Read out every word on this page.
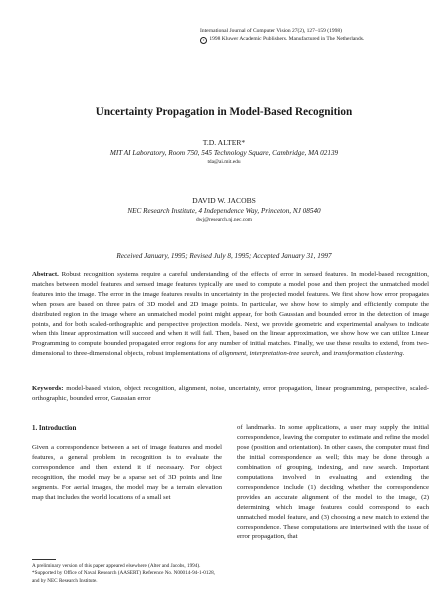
International Journal of Computer Vision 27(2), 127–159 (1998)
c 1998 Kluwer Academic Publishers. Manufactured in The Netherlands.
Uncertainty Propagation in Model-Based Recognition
T.D. ALTER*
MIT AI Laboratory, Room 750, 545 Technology Square, Cambridge, MA 02139
tda@ai.mit.edu
DAVID W. JACOBS
NEC Research Institute, 4 Independence Way, Princeton, NJ 08540
dwj@research.nj.nec.com
Received January, 1995; Revised July 8, 1995; Accepted January 31, 1997
Abstract. Robust recognition systems require a careful understanding of the effects of error in sensed features. In model-based recognition, matches between model features and sensed image features typically are used to compute a model pose and then project the unmatched model features into the image. The error in the image features results in uncertainty in the projected model features. We first show how error propagates when poses are based on three pairs of 3D model and 2D image points. In particular, we show how to simply and efficiently compute the distributed region in the image where an unmatched model point might appear, for both Gaussian and bounded error in the detection of image points, and for both scaled-orthographic and perspective projection models. Next, we provide geometric and experimental analyses to indicate when this linear approximation will succeed and when it will fail. Then, based on the linear approximation, we show how we can utilize Linear Programming to compute bounded propagated error regions for any number of initial matches. Finally, we use these results to extend, from two-dimensional to three-dimensional objects, robust implementations of alignment, interpretation-tree search, and transformation clustering.
Keywords: model-based vision, object recognition, alignment, noise, uncertainty, error propagation, linear programming, perspective, scaled-orthographic, bounded error, Gaussian error
1. Introduction

Given a correspondence between a set of image features and model features, a general problem in recognition is to evaluate the correspondence and then extend it if necessary. For object recognition, the model may be a sparse set of 3D points and line segments. For aerial images, the model may be a terrain elevation map that includes the world locations of a small set

of landmarks. In some applications, a user may supply the initial correspondence, leaving the computer to estimate and refine the model pose (position and orientation). In other cases, the computer must find the initial correspondence as well; this may be done through a combination of grouping, indexing, and raw search. Important computations involved in evaluating and extending the correspondence include (1) deciding whether the correspondence provides an accurate alignment of the model to the image, (2) determining which image features could correspond to each unmatched model feature, and (3) choosing a new match to extend the correspondence. These computations are intertwined with the issue of error propagation, that

A preliminary version of this paper appeared elsewhere (Alter and Jacobs, 1994).

*Supported by Office of Naval Research (AASERT) Reference No. N00014-94-1-0128, and by NEC Research Institute.
